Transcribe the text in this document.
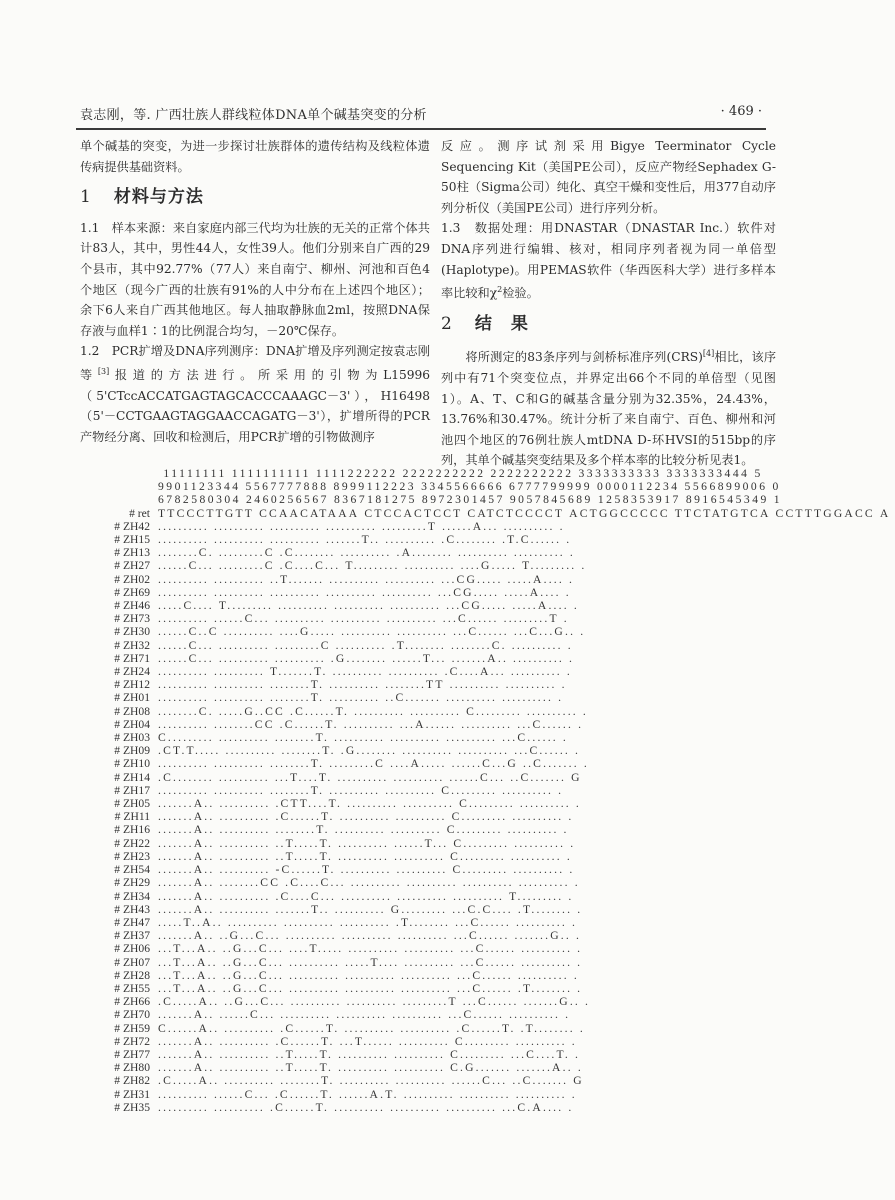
袁志刚，等. 广西壮族人群线粒体DNA单个碱基突变的分析	· 469 ·

单个碱基的突变，为进一步探讨壮族群体的遗传结构及线粒体遗传病提供基础资料。

1 材料与方法

1.1　样本来源：来自家庭内部三代均为壮族的无关的正常个体共计83人，其中，男性44人，女性39人。他们分别来自广西的29个县市，其中92.77%（77人）来自南宁、柳州、河池和百色4个地区（现今广西的壮族有91%的人中分布在上述四个地区）；余下6人来自广西其他地区。每人抽取静脉血2ml，按照DNA保存液与血样1∶1的比例混合均匀，－20℃保存。

1.2　PCR扩增及DNA序列测序：DNA扩增及序列测定按袁志刚等[3]报道的方法进行。所采用的引物为L15996（5'CTccACCATGAGTAGCACCCAAAGC－3'），H16498（5'－CCTGAAGTAGGAACCAGATG－3'），扩增所得的PCR产物经分离、回收和检测后，用PCR扩增的引物做测序

反应。测序试剂采用Bigye Teerminator Cycle Sequencing Kit（美国PE公司），反应产物经Sephadex G-50柱（Sigma公司）纯化、真空干燥和变性后，用377自动序列分析仪（美国PE公司）进行序列分析。

1.3　数据处理：用DNASTAR（DNASTAR Inc.）软件对DNA序列进行编辑、核对，相同序列者视为同一单倍型(Haplotype)。用PEMAS软件（华西医科大学）进行多样本率比较和$\chi^2$检验。

2 结　果

将所测定的83条序列与剑桥标准序列(CRS)[4]相比，该序列中有71个突变位点，并界定出66个不同的单倍型（见图1）。A、T、C和G的碱基含量分别为32.35%，24.43%，13.76%和30.47%。统计分析了来自南宁、百色、柳州和河池四个地区的76例壮族人mtDNA D-环HVSI的515bp的序列，其单个碱基突变结果及多个样本率的比较分析见表1。

11111111 1111111111 1111222222 2222222222 2222222222 3333333333 3333333444 5
9901123344 5567777888 8999112223 3345566666 6777799999 0000112234 5566899006 0
6782580304 2460256567 8367181275 8972301457 9057845689 1258353917 8916545349 1
# ret TTCCCTTGTT CCAACATAAA CTCCACTCCT CATCTCCCCT ACTGGCCCCC TTCTATGTCA CCTTTGGACC A
# ZH42 .......... .......... .......... .......... .........T ......A... .......... .
# ZH15 .......... .......... .......... .......T.. .......... .C........ .T.C...... .
# ZH13 ........C. .........C .C........ .......... .A........ .......... .......... .
# ZH27 ......C... .........C .C....C... T......... .......... ....G..... T......... .
# ZH02 .......... .......... ..T....... .......... .......... ...CG..... .....A.... .
# ZH69 .......... .......... .......... .......... .......... ...CG..... .....A.... .
# ZH46 .....C.... T......... .......... .......... .......... ...CG..... .....A.... .
# ZH73 .......... ......C... .......... .......... .......... ...C...... .........T .
# ZH30 ......C..C .......... ....G..... .......... .......... ...C...... ...C...G.. .
# ZH32 ......C... .......... .........C .......... .T........ ........C. .......... .
# ZH71 ......C... .......... .......... .G........ ......T... .......A.. .......... .
# ZH24 .......... .......... T.......T. .......... .......... .C....A... .......... .
# ZH12 .......... .......... ........T. .......... ........TT .......... .......... .
# ZH01 .......... .......... ........T. .......... ..C....... .......... .......... .
# ZH08 ........C. .....G..CC .C......T. .......... .......... C......... .......... .
# ZH04 .......... ........CC .C......T. .......... ...A...... .......... ...C...... .
# ZH03 C......... .......... ........T. .......... .......... .......... ...C...... .
# ZH09 .CT.T..... .......... ........T. .G........ .......... .......... ...C...... .
# ZH10 .......... .......... ........T. .........C ....A..... ......C...G ..C....... .
# ZH14 .C........ .......... ...T....T. .......... .......... ......C... ..C....... G
# ZH17 .......... .......... ........T. .......... .......... C......... .......... .
# ZH05 .......A.. .......... .CTT....T. .......... .......... C......... .......... .
# ZH11 .......A.. .......... .C......T. .......... .......... C......... .......... .
# ZH16 .......A.. .......... ........T. .......... .......... C......... .......... .
# ZH22 .......A.. .......... ..T.....T. .......... ......T... C......... .......... .
# ZH23 .......A.. .......... ..T.....T. .......... .......... C......... .......... .
# ZH54 .......A.. .......... -C......T. .......... .......... C......... .......... .
# ZH29 .......A.. ........CC .C....C... .......... .......... .......... .......... .
# ZH34 .......A.. .......... .C....C... .......... .......... .......... T......... .
# ZH43 .......A.. .......... .......T.. .......... G......... ...C.C.... .T........ .
# ZH47 .....T..A.. .......... .......... .......... .T........ ...C...... .......... .
# ZH37 .......A.. ..G...C... .......... .......... .......... ...C...... .......G.. .
# ZH06 ...T...A.. ..G...C... ....T..... .......... .......... ...C...... .......... .
# ZH07 ...T...A.. ..G...C... .......... .....T.... .......... ...C...... .......... .
# ZH28 ...T...A.. ..G...C... .......... .......... .......... ...C...... .......... .
# ZH55 ...T...A.. ..G...C... .......... .......... .......... ...C...... .T........ .
# ZH66 .C.....A.. ..G...C... .......... .......... .........T ...C...... .......G.. .
# ZH70 .......A.. ......C... .......... .......... .......... ...C...... .......... .
# ZH59 C......A.. .......... .C......T. .......... .......... .C......T. .T........ .
# ZH72 .......A.. .......... .C......T. ...T...... .......... C......... .......... .
# ZH77 .......A.. .......... ..T.....T. .......... .......... C......... ...C....T. .
# ZH80 .......A.. .......... ..T.....T. .......... .......... C.G....... .......A.. .
# ZH82 .C.....A.. .......... ........T. .......... .......... ......C... ..C....... G
# ZH31 .......... ......C... .C......T. ......A.T. .......... .......... .......... .
# ZH35 .......... .......... .C......T. .......... .......... .......... ...C.A.... .
